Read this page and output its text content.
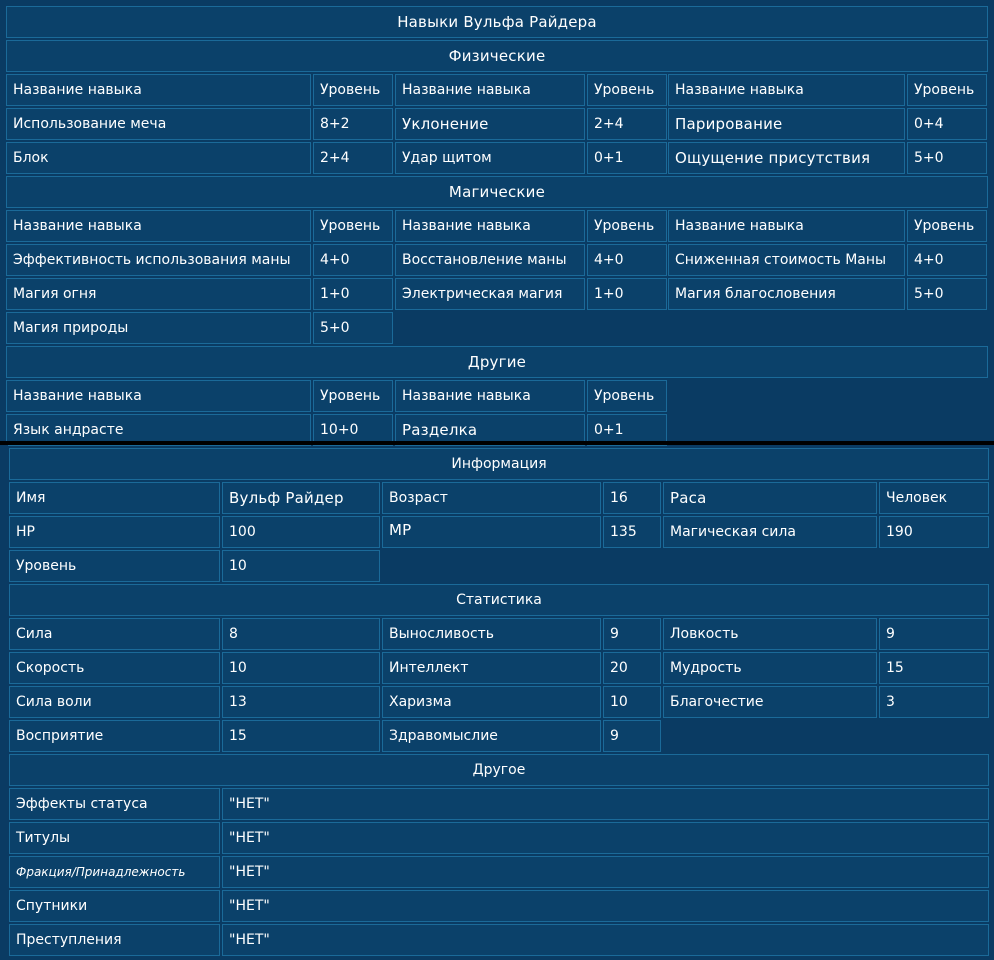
Навыки Вульфа Райдера
Физические
Название навыка	Уровень	Название навыка	Уровень	Название навыка	Уровень
Использование меча	8+2	Уклонение	2+4	Парирование	0+4
Блок	2+4	Удар щитом	0+1	Ощущение присутствия	5+0
Магические
Название навыка	Уровень	Название навыка	Уровень	Название навыка	Уровень
Эффективность использования маны	4+0	Восстановление маны	4+0	Сниженная стоимость Маны	4+0
Магия огня	1+0	Электрическая магия	1+0	Магия благословения	5+0
Магия природы	5+0
Другие
Название навыка	Уровень	Название навыка	Уровень
Язык андрасте	10+0	Разделка	0+1
Информация
Имя	Вульф Райдер	Возраст	16	Раса	Человек
HP	100	MP	135	Магическая сила	190
Уровень	10
Статистика
Сила	8	Выносливость	9	Ловкость	9
Скорость	10	Интеллект	20	Мудрость	15
Сила воли	13	Харизма	10	Благочестие	3
Восприятие	15	Здравомыслие	9
Другое
Эффекты статуса	"НЕТ"
Титулы	"НЕТ"
Фракция/Принадлежность	"НЕТ"
Спутники	"НЕТ"
Преступления	"НЕТ"
